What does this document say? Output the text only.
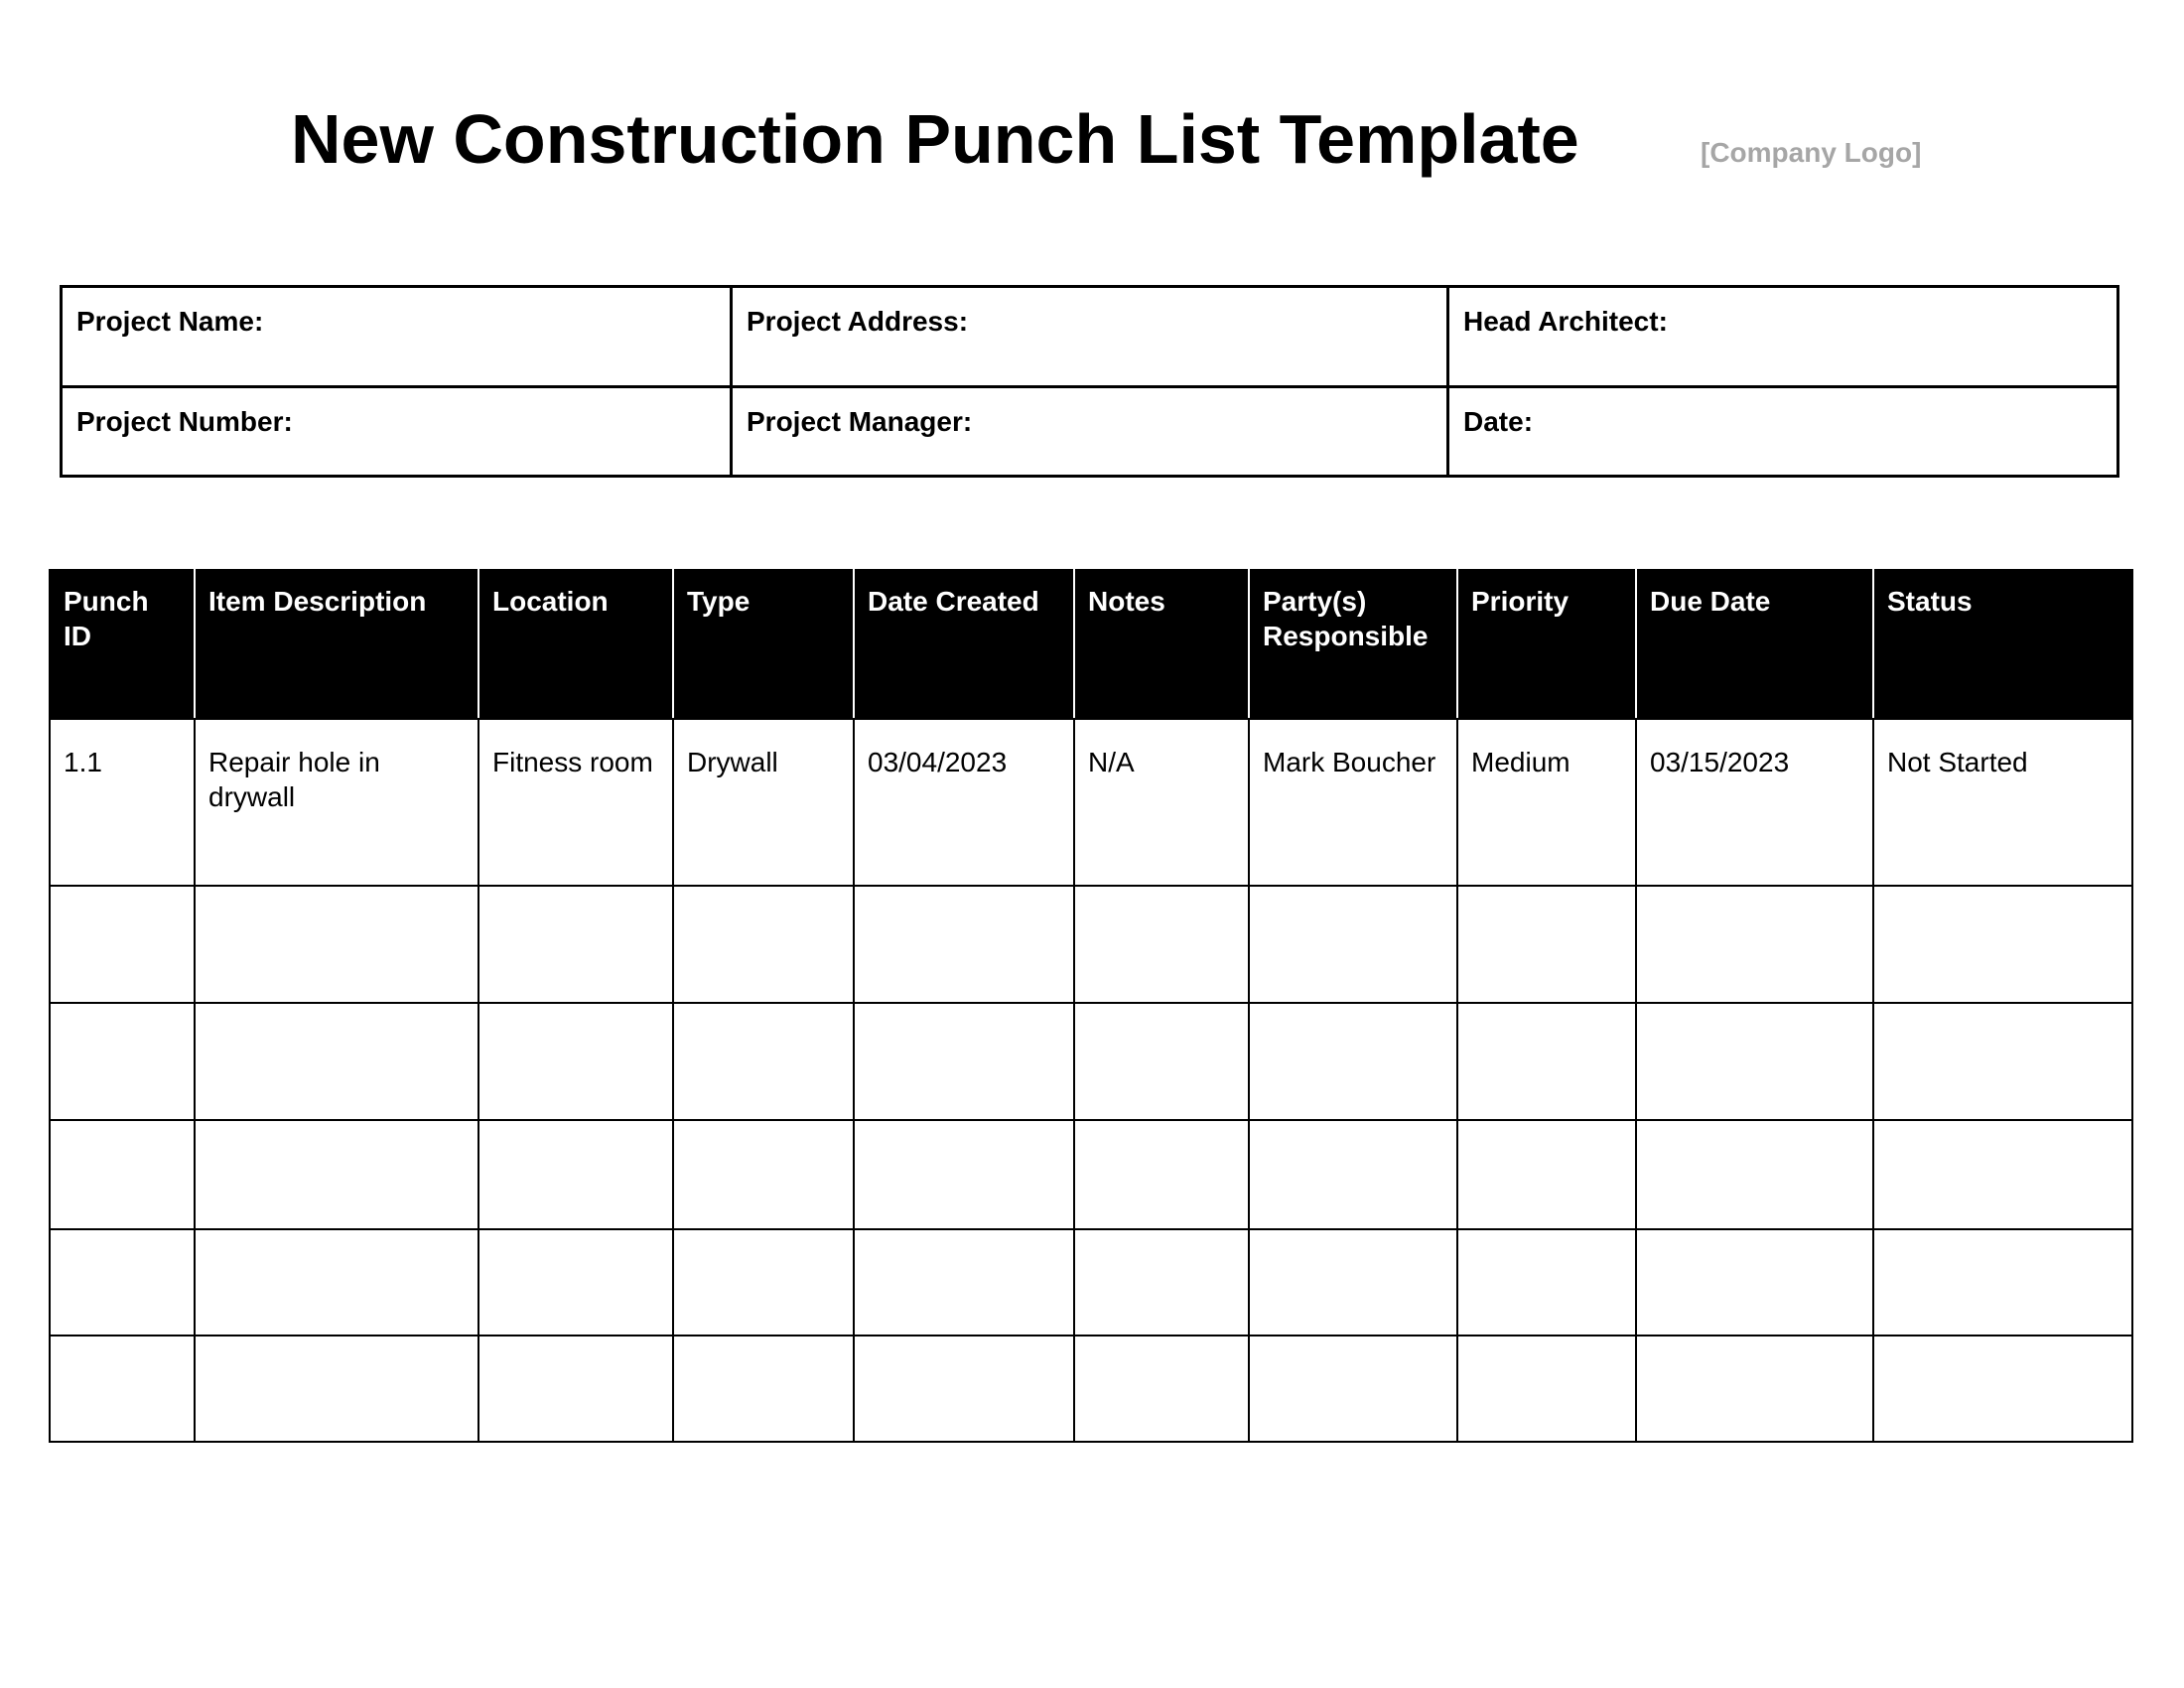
New Construction Punch List Template	[Company Logo]
Project Name:	Project Address:	Head Architect:
Project Number:	Project Manager:	Date:
Punch ID	Item Description	Location	Type	Date Created	Notes	Party(s) Responsible	Priority	Due Date	Status
1.1	Repair hole in drywall	Fitness room	Drywall	03/04/2023	N/A	Mark Boucher	Medium	03/15/2023	Not Started
